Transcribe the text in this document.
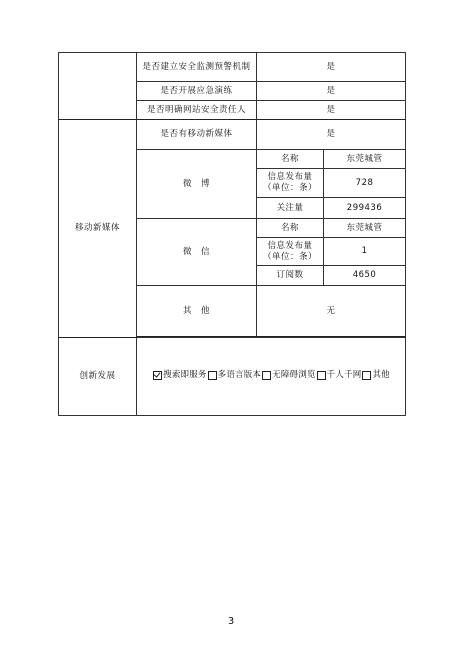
	是否建立安全监测预警机制	是	
	是否开展应急演练	是	
	是否明确网站安全责任人	是	
移动新媒体	是否有移动新媒体	是	
	微　博	名称	东莞城管
		信息发布量（单位：条）	728
		关注量	299436
	微　信	名称	东莞城管
		信息发布量（单位：条）	1
		订阅数	4650
	其　他	无	

创新发展	搜索即服务 多语言版本 无障碍浏览 千人千网 其他		
3
